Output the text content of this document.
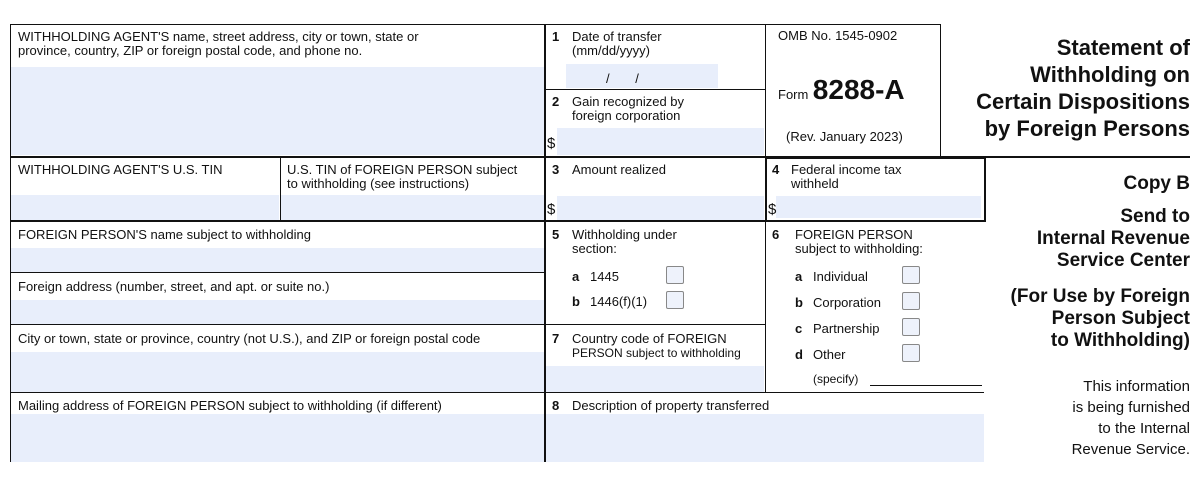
WITHHOLDING AGENT'S name, street address, city or town, state or
province, country, ZIP or foreign postal code, and phone no.
WITHHOLDING AGENT'S U.S. TIN	U.S. TIN of FOREIGN PERSON subject
to withholding (see instructions)
FOREIGN PERSON'S name subject to withholding
Foreign address (number, street, and apt. or suite no.)
City or town, state or province, country (not U.S.), and ZIP or foreign postal code
Mailing address of FOREIGN PERSON subject to withholding (if different)
1 Date of transfer
(mm/dd/yyyy)
/ /
2 Gain recognized by
foreign corporation
$
OMB No. 1545-0902
Form 8288-A
(Rev. January 2023)
Statement of
Withholding on
Certain Dispositions
by Foreign Persons
3 Amount realized
$
4 Federal income tax
withheld
$
5 Withholding under
section:
a 1445
b 1446(f)(1)
6 FOREIGN PERSON
subject to withholding:
a Individual
b Corporation
c Partnership
d Other
(specify)
7 Country code of FOREIGN
PERSON subject to withholding
8 Description of property transferred
Copy B
Send to
Internal Revenue
Service Center
(For Use by Foreign
Person Subject
to Withholding)
This information
is being furnished
to the Internal
Revenue Service.
